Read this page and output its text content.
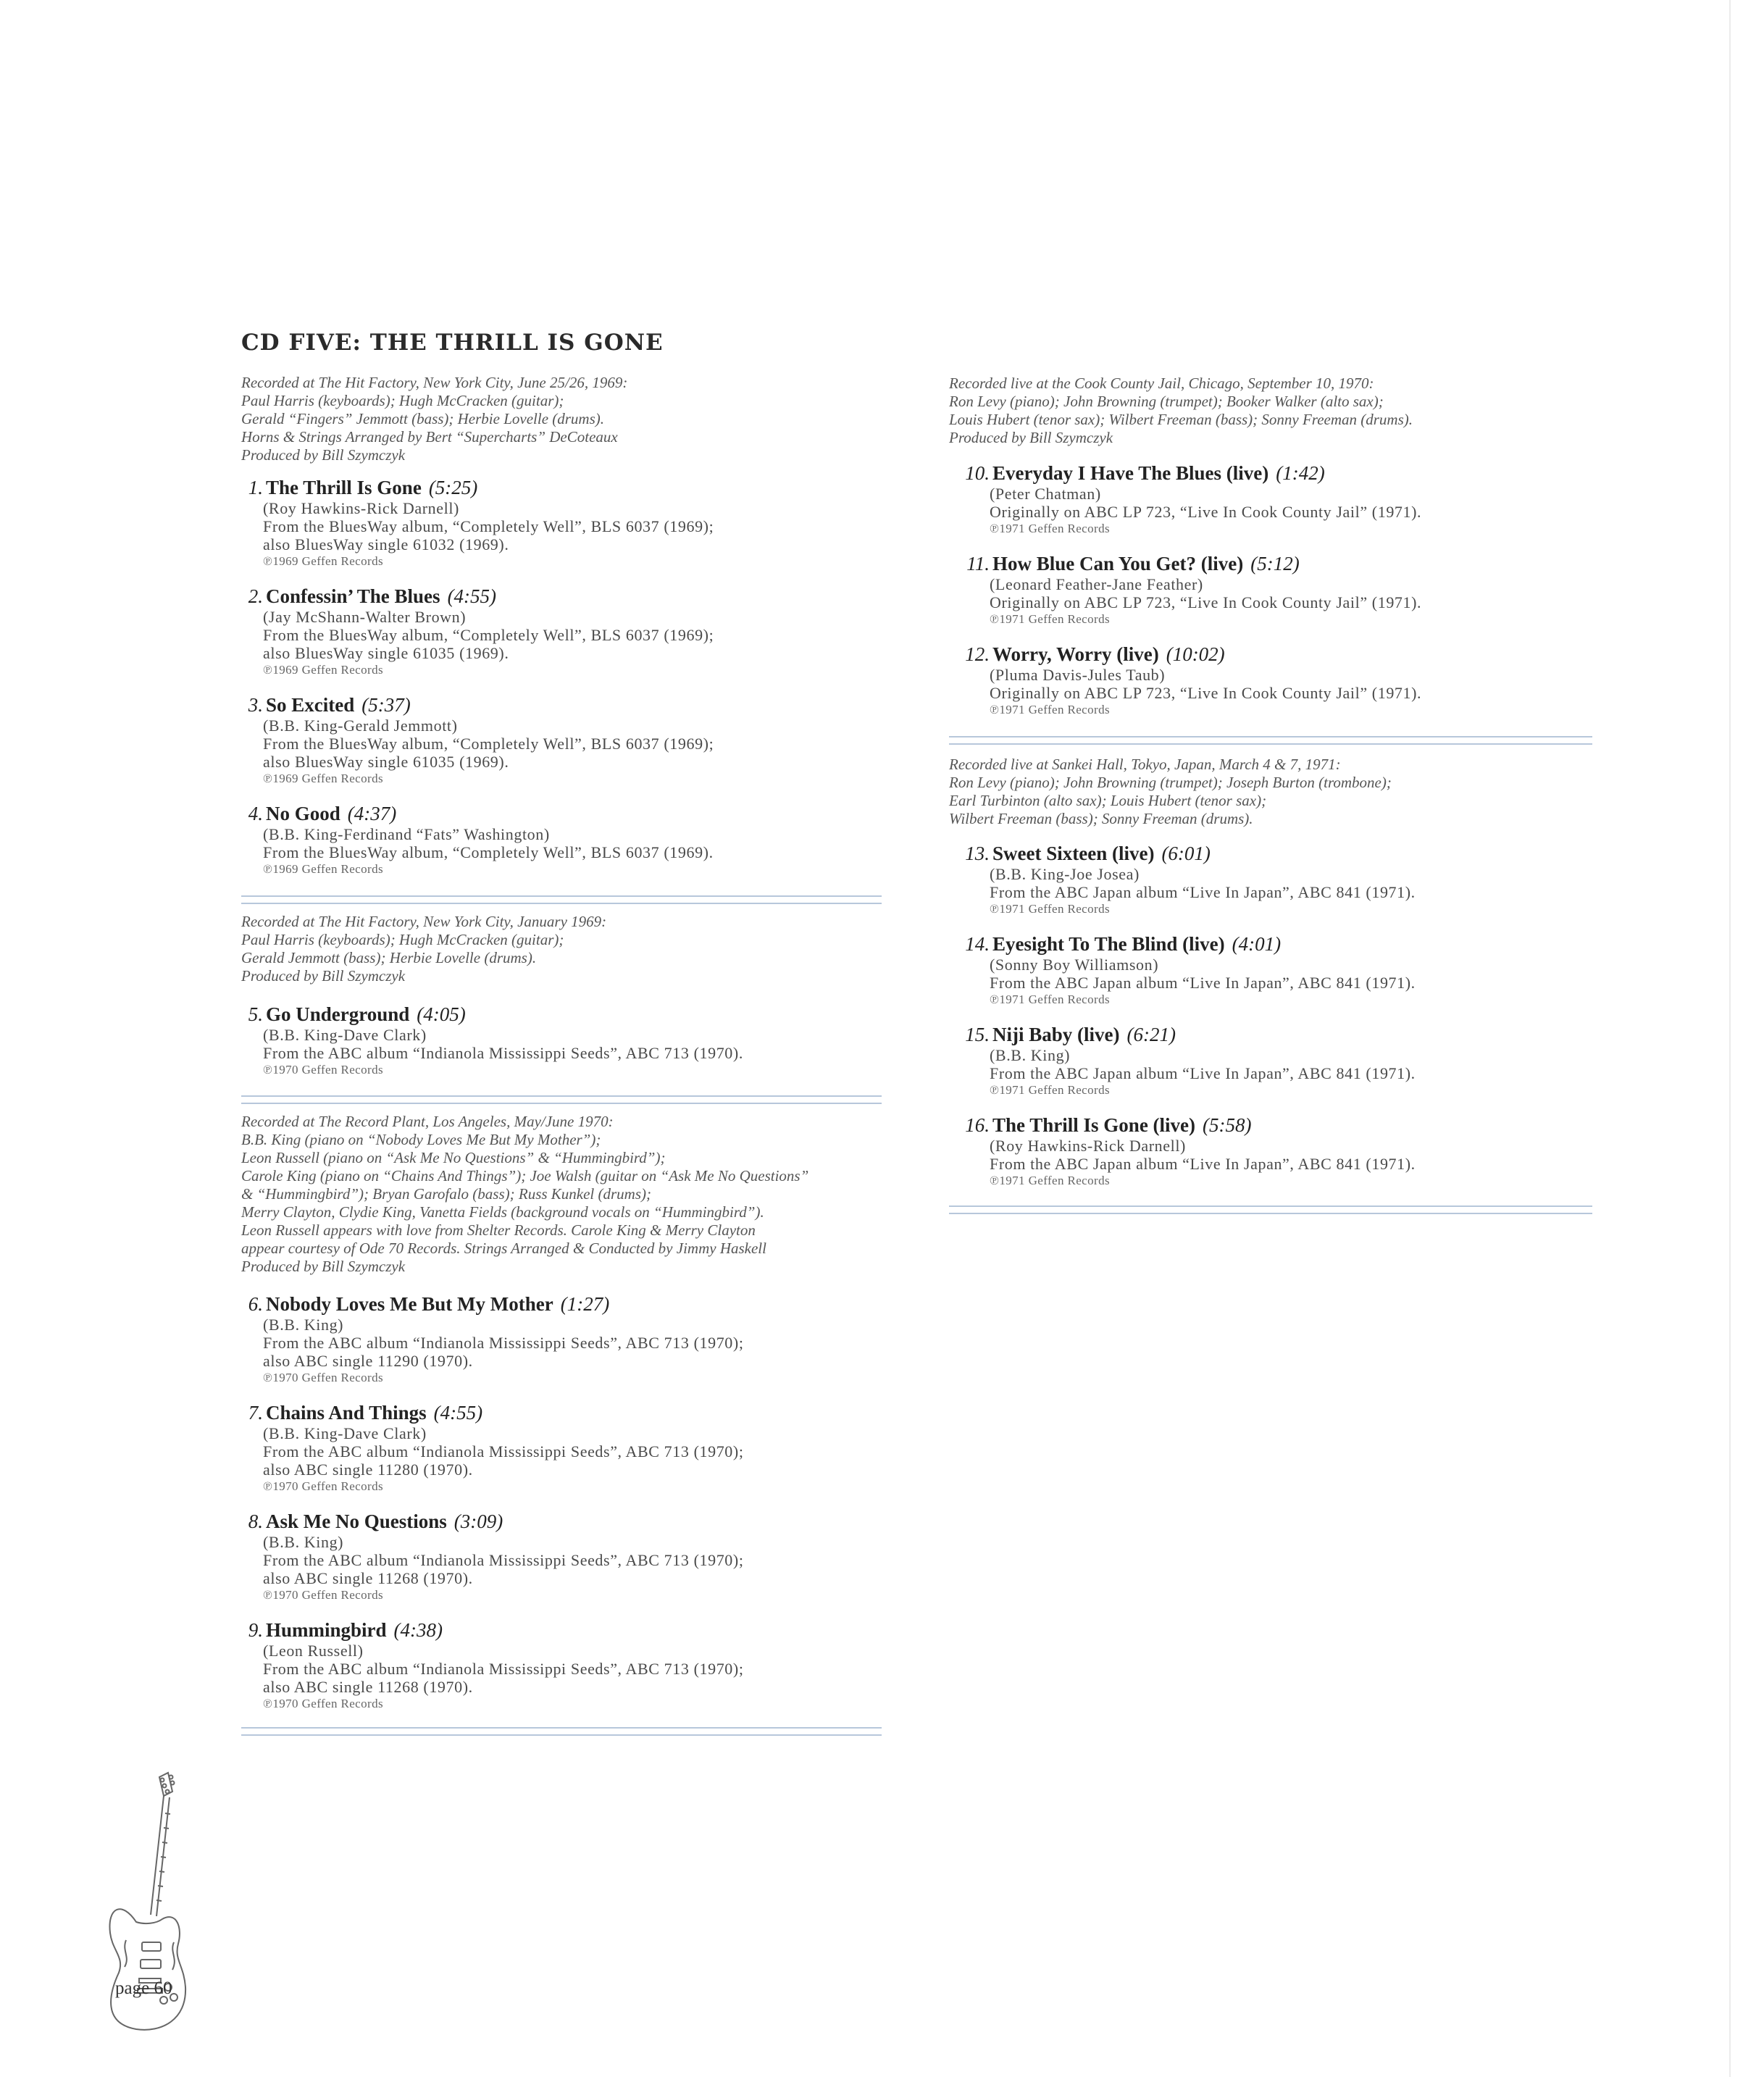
CD FIVE: THE THRILL IS GONE
Recorded at The Hit Factory, New York City, June 25/26, 1969:
Paul Harris (keyboards); Hugh McCracken (guitar);
Gerald “Fingers” Jemmott (bass); Herbie Lovelle (drums).
Horns & Strings Arranged by Bert “Supercharts” DeCoteaux
Produced by Bill Szymczyk
1. The Thrill Is Gone (5:25)
(Roy Hawkins-Rick Darnell)
From the BluesWay album, “Completely Well”, BLS 6037 (1969);
also BluesWay single 61032 (1969).
℗1969 Geffen Records
2. Confessin’ The Blues (4:55)
(Jay McShann-Walter Brown)
From the BluesWay album, “Completely Well”, BLS 6037 (1969);
also BluesWay single 61035 (1969).
℗1969 Geffen Records
3. So Excited (5:37)
(B.B. King-Gerald Jemmott)
From the BluesWay album, “Completely Well”, BLS 6037 (1969);
also BluesWay single 61035 (1969).
℗1969 Geffen Records
4. No Good (4:37)
(B.B. King-Ferdinand “Fats” Washington)
From the BluesWay album, “Completely Well”, BLS 6037 (1969).
℗1969 Geffen Records
Recorded at The Hit Factory, New York City, January 1969:
Paul Harris (keyboards); Hugh McCracken (guitar);
Gerald Jemmott (bass); Herbie Lovelle (drums).
Produced by Bill Szymczyk
5. Go Underground (4:05)
(B.B. King-Dave Clark)
From the ABC album “Indianola Mississippi Seeds”, ABC 713 (1970).
℗1970 Geffen Records
Recorded at The Record Plant, Los Angeles, May/June 1970:
B.B. King (piano on “Nobody Loves Me But My Mother”);
Leon Russell (piano on “Ask Me No Questions” & “Hummingbird”);
Carole King (piano on “Chains And Things”); Joe Walsh (guitar on “Ask Me No Questions”
& “Hummingbird”); Bryan Garofalo (bass); Russ Kunkel (drums);
Merry Clayton, Clydie King, Vanetta Fields (background vocals on “Hummingbird”).
Leon Russell appears with love from Shelter Records. Carole King & Merry Clayton
appear courtesy of Ode 70 Records. Strings Arranged & Conducted by Jimmy Haskell
Produced by Bill Szymczyk
6. Nobody Loves Me But My Mother (1:27)
(B.B. King)
From the ABC album “Indianola Mississippi Seeds”, ABC 713 (1970);
also ABC single 11290 (1970).
℗1970 Geffen Records
7. Chains And Things (4:55)
(B.B. King-Dave Clark)
From the ABC album “Indianola Mississippi Seeds”, ABC 713 (1970);
also ABC single 11280 (1970).
℗1970 Geffen Records
8. Ask Me No Questions (3:09)
(B.B. King)
From the ABC album “Indianola Mississippi Seeds”, ABC 713 (1970);
also ABC single 11268 (1970).
℗1970 Geffen Records
9. Hummingbird (4:38)
(Leon Russell)
From the ABC album “Indianola Mississippi Seeds”, ABC 713 (1970);
also ABC single 11268 (1970).
℗1970 Geffen Records
Recorded live at the Cook County Jail, Chicago, September 10, 1970:
Ron Levy (piano); John Browning (trumpet); Booker Walker (alto sax);
Louis Hubert (tenor sax); Wilbert Freeman (bass); Sonny Freeman (drums).
Produced by Bill Szymczyk
10. Everyday I Have The Blues (live) (1:42)
(Peter Chatman)
Originally on ABC LP 723, “Live In Cook County Jail” (1971).
℗1971 Geffen Records
11. How Blue Can You Get? (live) (5:12)
(Leonard Feather-Jane Feather)
Originally on ABC LP 723, “Live In Cook County Jail” (1971).
℗1971 Geffen Records
12. Worry, Worry (live) (10:02)
(Pluma Davis-Jules Taub)
Originally on ABC LP 723, “Live In Cook County Jail” (1971).
℗1971 Geffen Records
Recorded live at Sankei Hall, Tokyo, Japan, March 4 & 7, 1971:
Ron Levy (piano); John Browning (trumpet); Joseph Burton (trombone);
Earl Turbinton (alto sax); Louis Hubert (tenor sax);
Wilbert Freeman (bass); Sonny Freeman (drums).
13. Sweet Sixteen (live) (6:01)
(B.B. King-Joe Josea)
From the ABC Japan album “Live In Japan”, ABC 841 (1971).
℗1971 Geffen Records
14. Eyesight To The Blind (live) (4:01)
(Sonny Boy Williamson)
From the ABC Japan album “Live In Japan”, ABC 841 (1971).
℗1971 Geffen Records
15. Niji Baby (live) (6:21)
(B.B. King)
From the ABC Japan album “Live In Japan”, ABC 841 (1971).
℗1971 Geffen Records
16. The Thrill Is Gone (live) (5:58)
(Roy Hawkins-Rick Darnell)
From the ABC Japan album “Live In Japan”, ABC 841 (1971).
℗1971 Geffen Records
page 60
